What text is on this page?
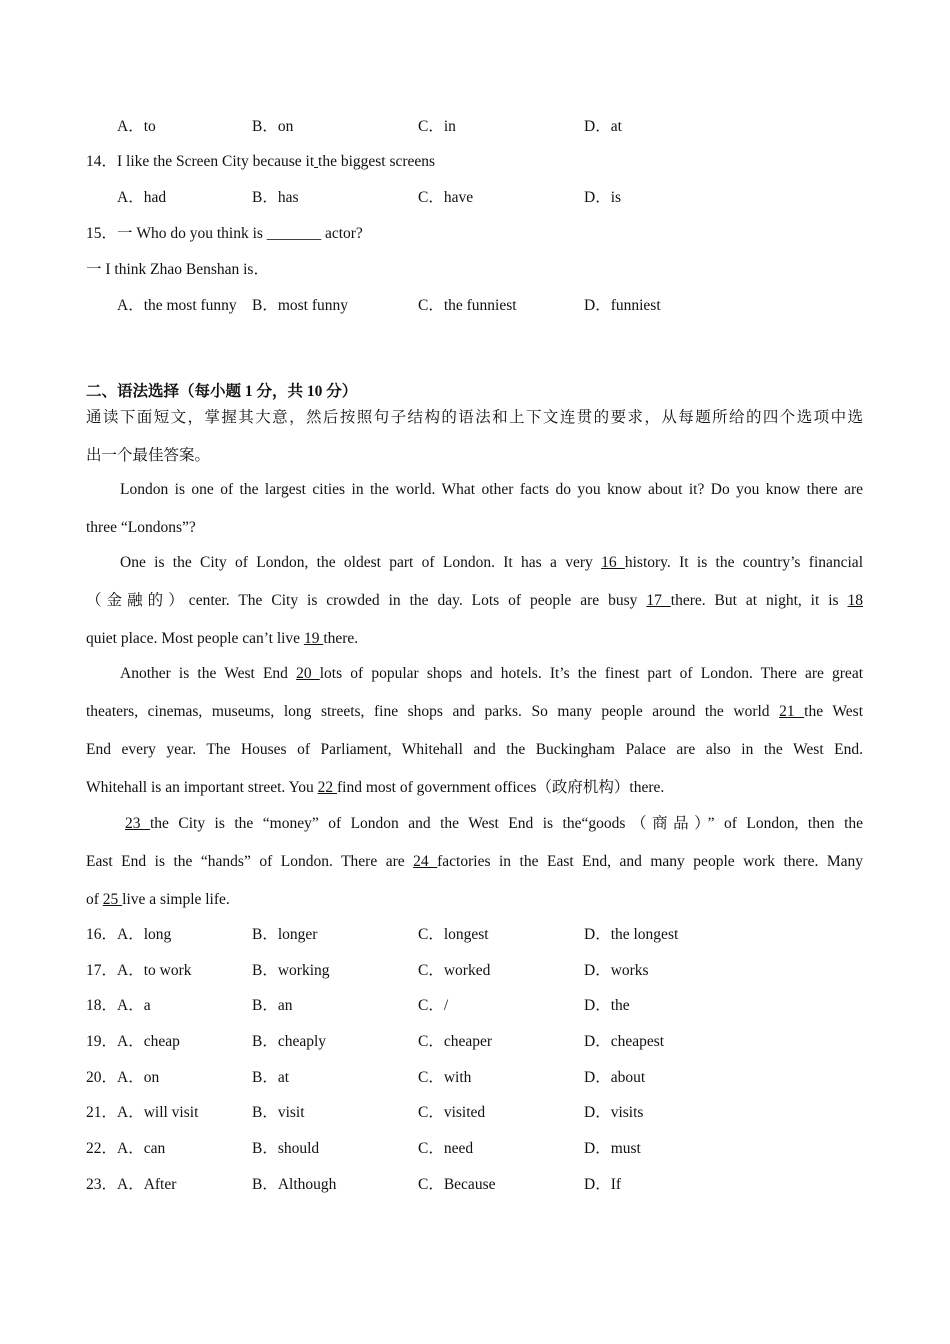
A．to	B．on	C．in	D．at
14．I like the Screen City because it the biggest screens
A．had	B．has	C．have	D．is
15．一 Who do you think is _______ actor?
一 I think Zhao Benshan is．
A．the most funny B．most funny	C．the funniest	D．funniest
二、语法选择（每小题 1 分，共 10 分）
通读下面短文，掌握其大意，然后按照句子结构的语法和上下文连贯的要求，从每题所给的四个选项中选
出一个最佳答案。
London is one of the largest cities in the world. What other facts do you know about it? Do you know there are
three “Londons”?
One is the City of London, the oldest part of London. It has a very 16 history. It is the country’s financial
（金融的）center. The City is crowded in the day. Lots of people are busy 17 there. But at night, it is 18
quiet place. Most people can’t live 19 there.
Another is the West End 20 lots of popular shops and hotels. It’s the finest part of London. There are great
theaters, cinemas, museums, long streets, fine shops and parks. So many people around the world 21 the West
End every year. The Houses of Parliament, Whitehall and the Buckingham Palace are also in the West End.
Whitehall is an important street. You 22 find most of government offices（政府机构）there.
23 the City is the “money” of London and the West End is the“goods（商品）” of London, then the
East End is the “hands” of London. There are 24 factories in the East End, and many people work there. Many
of 25 live a simple life.
16．A．long	B．longer	C．longest	D．the longest
17．A．to work	B．working	C．worked	D．works
18．A．a	B．an	C．/	D．the
19．A．cheap	B．cheaply	C．cheaper	D．cheapest
20．A．on	B．at	C．with	D．about
21．A．will visit	B．visit	C．visited	D．visits
22．A．can	B．should	C．need	D．must
23．A．After	B．Although	C．Because	D．If
